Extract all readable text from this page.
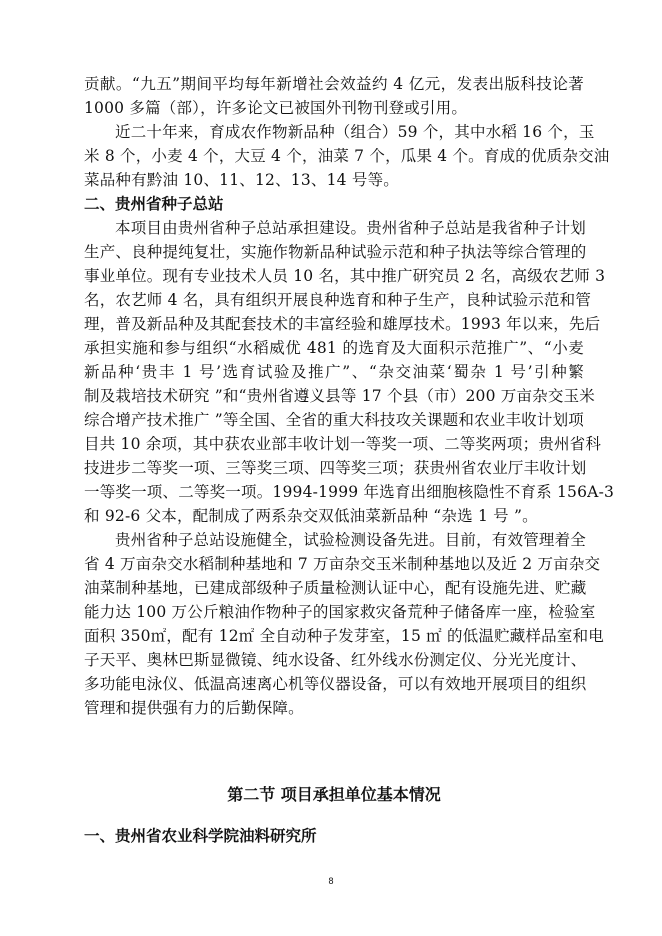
贡献。“九五”期间平均每年新增社会效益约 4 亿元，发表出版科技论著
1000 多篇（部），许多论文已被国外刊物刊登或引用。
近二十年来，育成农作物新品种（组合）59 个，其中水稻 16 个，玉
米 8 个，小麦 4 个，大豆 4 个，油菜 7 个，瓜果 4 个。育成的优质杂交油
菜品种有黔油 10、11、12、13、14 号等。
二、贵州省种子总站
本项目由贵州省种子总站承担建设。贵州省种子总站是我省种子计划
生产、良种提纯复壮，实施作物新品种试验示范和种子执法等综合管理的
事业单位。现有专业技术人员 10 名，其中推广研究员 2 名，高级农艺师 3
名，农艺师 4 名，具有组织开展良种选育和种子生产，良种试验示范和管
理，普及新品种及其配套技术的丰富经验和雄厚技术。1993 年以来，先后
承担实施和参与组织“水稻威优 481 的选育及大面积示范推广”、“小麦
新品种‘贵丰 1 号’选育试验及推广”、“杂交油菜‘蜀杂 1 号’引种繁
制及栽培技术研究 ”和“贵州省遵义县等 17 个县（市）200 万亩杂交玉米
综合增产技术推广 ”等全国、全省的重大科技攻关课题和农业丰收计划项
目共 10 余项，其中获农业部丰收计划一等奖一项、二等奖两项；贵州省科
技进步二等奖一项、三等奖三项、四等奖三项；获贵州省农业厅丰收计划
一等奖一项、二等奖一项。1994-1999 年选育出细胞核隐性不育系 156A-3
和 92-6 父本，配制成了两系杂交双低油菜新品种 “杂选 1 号 ”。
贵州省种子总站设施健全，试验检测设备先进。目前，有效管理着全
省 4 万亩杂交水稻制种基地和 7 万亩杂交玉米制种基地以及近 2 万亩杂交
油菜制种基地，已建成部级种子质量检测认证中心，配有设施先进、贮藏
能力达 100 万公斤粮油作物种子的国家救灾备荒种子储备库一座，检验室
面积 350㎡，配有 12㎡ 全自动种子发芽室，15 ㎡ 的低温贮藏样品室和电
子天平、奥林巴斯显微镜、纯水设备、红外线水份测定仪、分光光度计、
多功能电泳仪、低温高速离心机等仪器设备，可以有效地开展项目的组织
管理和提供强有力的后勤保障。
第二节 项目承担单位基本情况
一、贵州省农业科学院油料研究所
8
